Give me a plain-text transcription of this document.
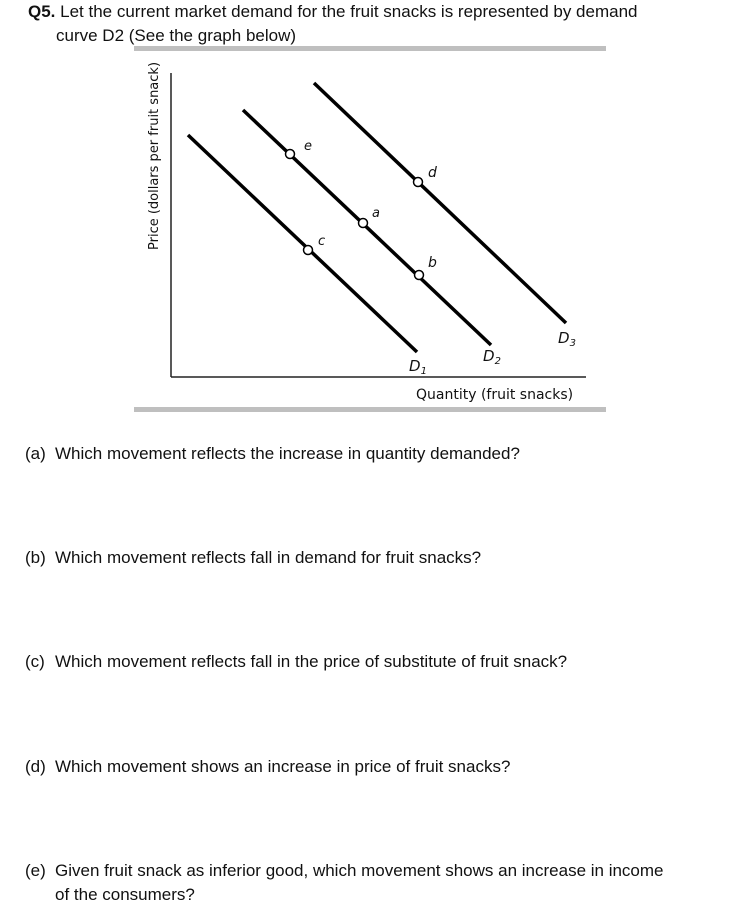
Q5. Let the current market demand for the fruit snacks is represented by demand
curve D2 (See the graph below)
Price (dollars per fruit snack)
Quantity (fruit snacks)
$D_1$
$D_2$
$D_3$
e
a
c
d
b
(a) Which movement reflects the increase in quantity demanded?
(b) Which movement reflects fall in demand for fruit snacks?
(c) Which movement reflects fall in the price of substitute of fruit snack?
(d) Which movement shows an increase in price of fruit snacks?
(e) Given fruit snack as inferior good, which movement shows an increase in income
of the consumers?
